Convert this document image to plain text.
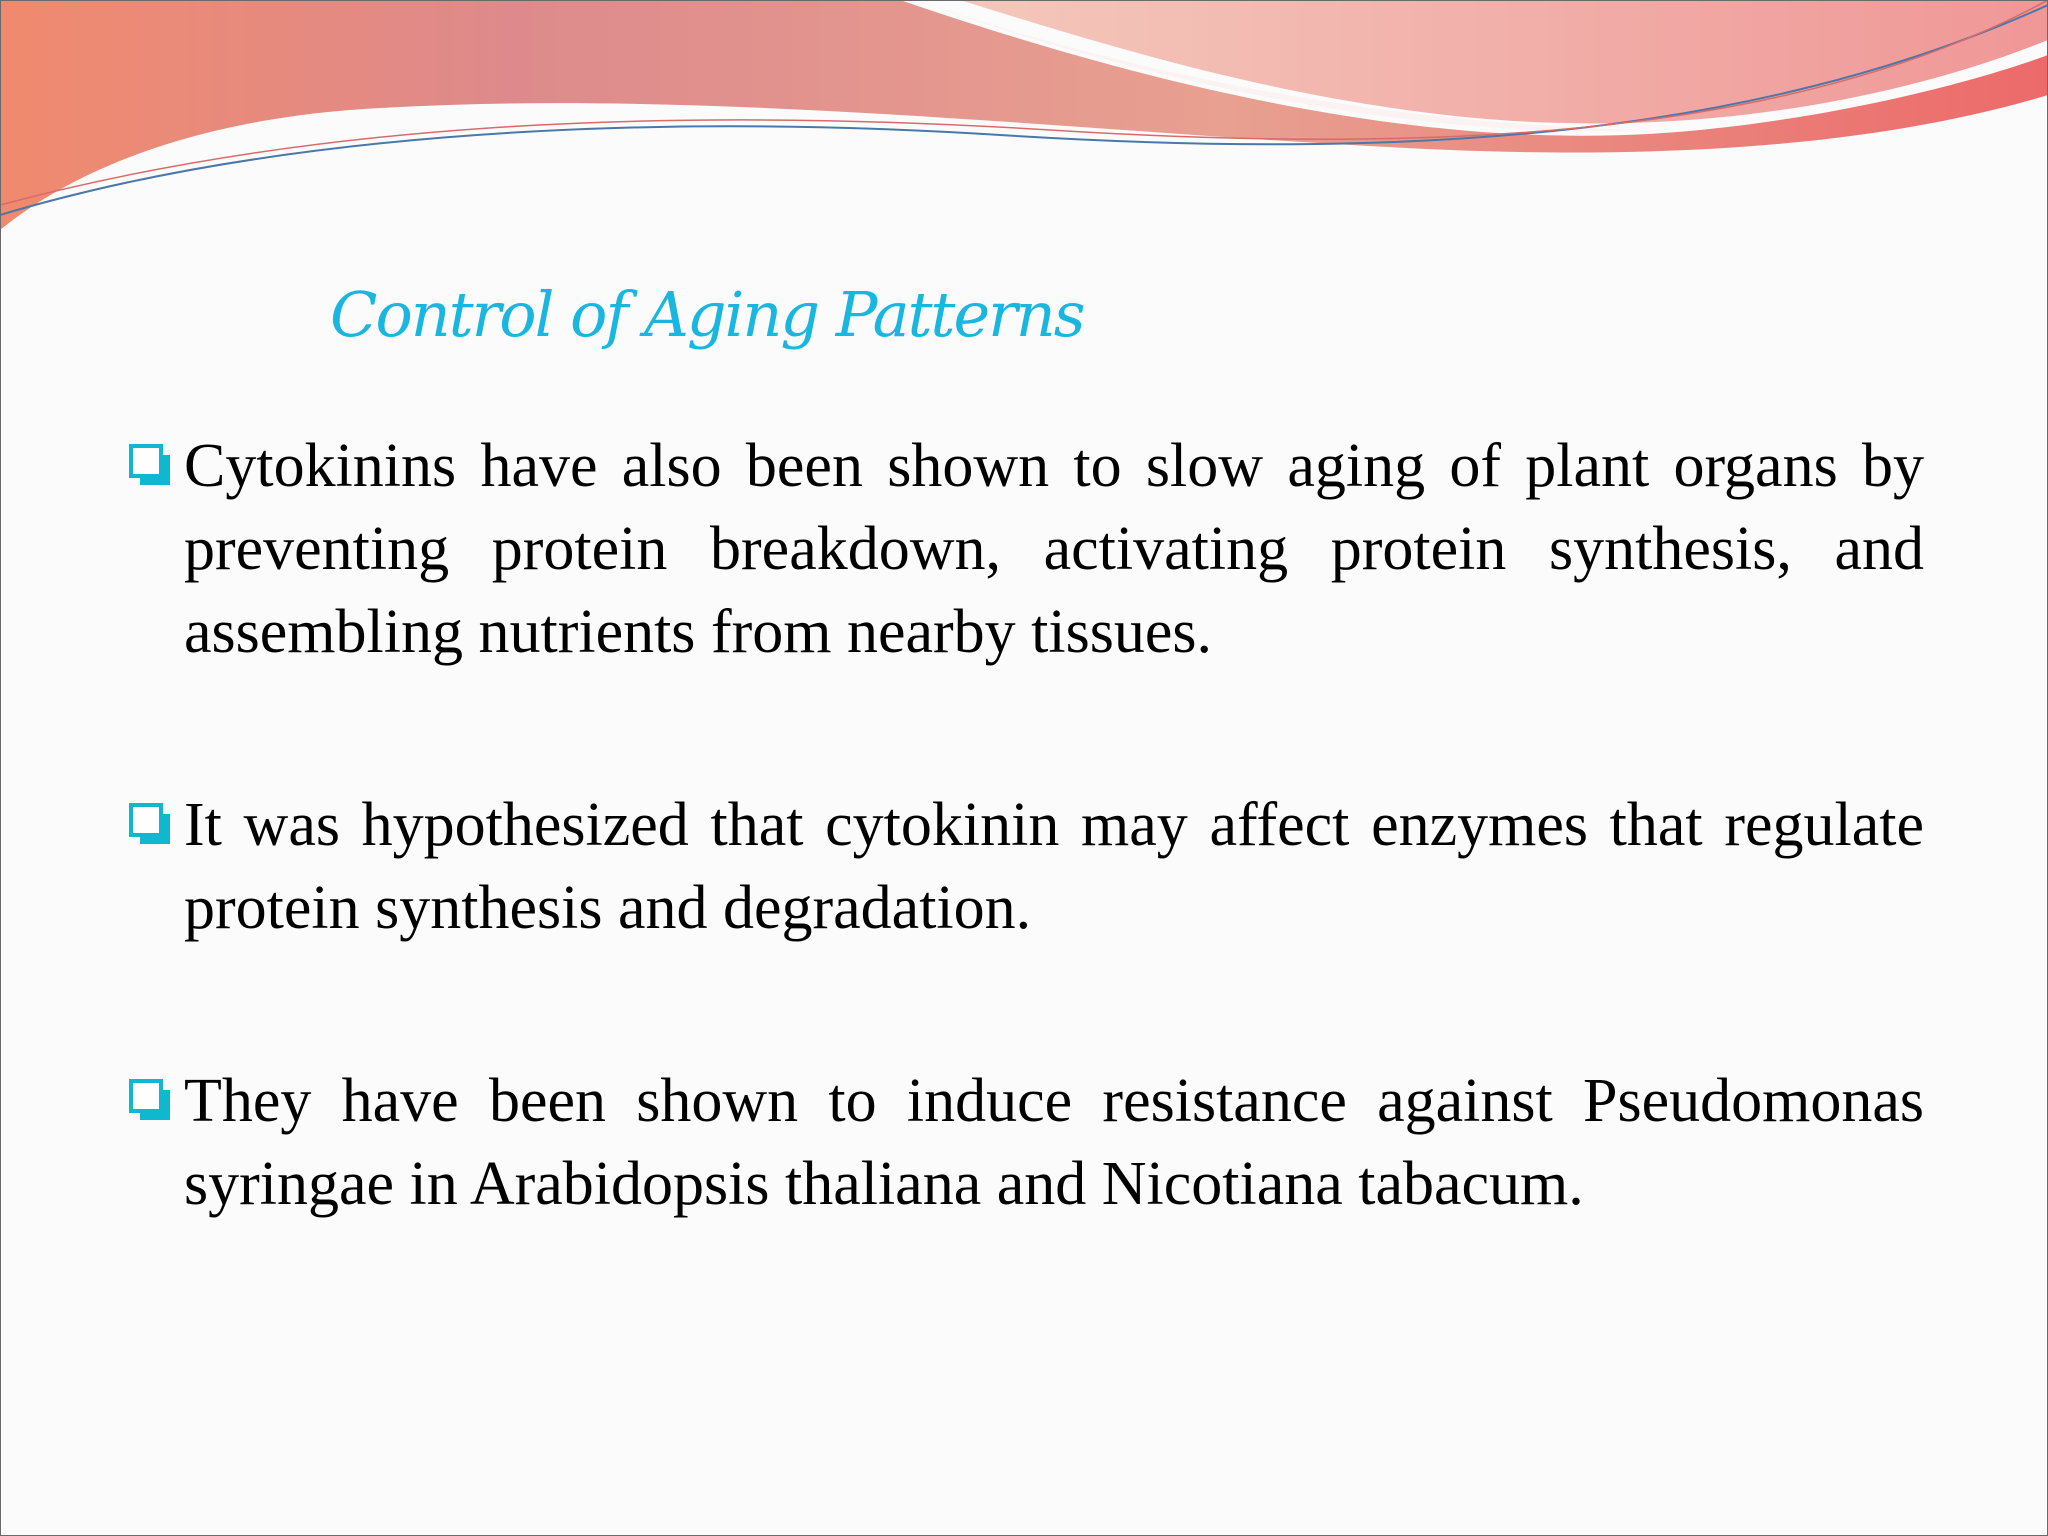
Control of Aging Patterns
Cytokinins have also been shown to slow aging of plant organs by preventing protein breakdown, activating protein synthesis, and assembling nutrients from nearby tissues.
It was hypothesized that cytokinin may affect enzymes that regulate protein synthesis and degradation.
They have been shown to induce resistance against Pseudomonas syringae in Arabidopsis thaliana and Nicotiana tabacum.
